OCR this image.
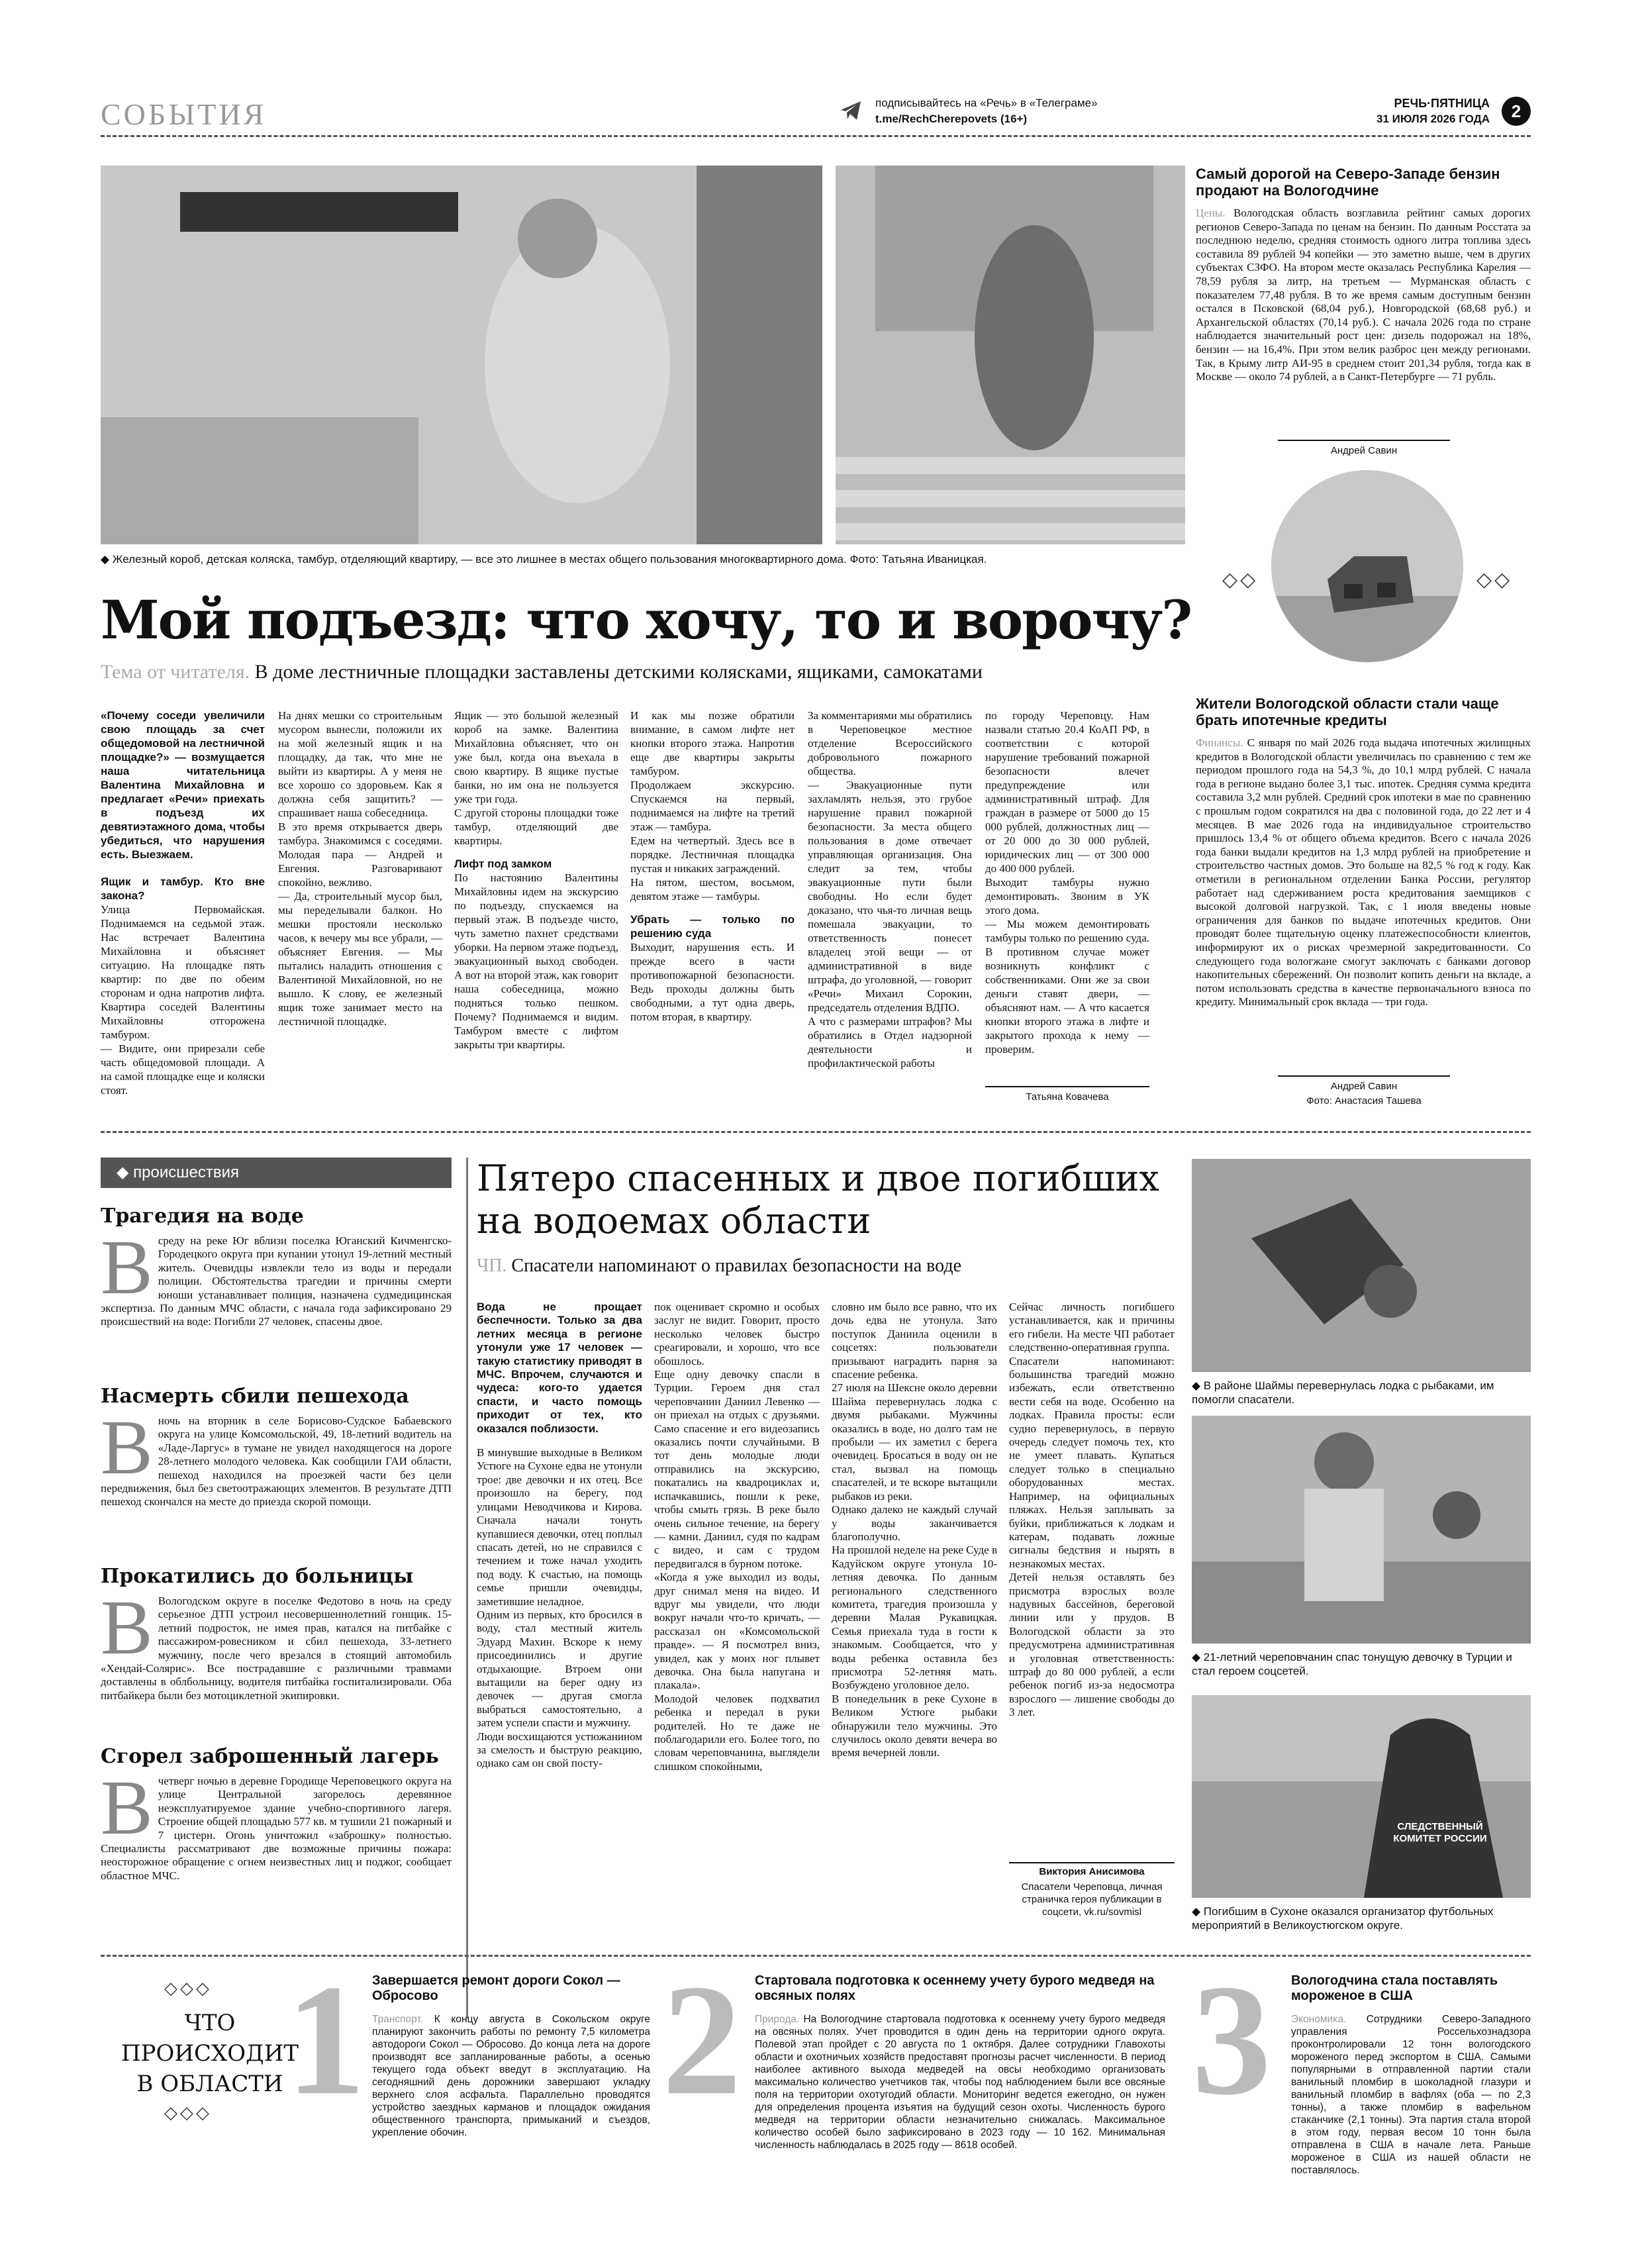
СОБЫТИЯ	подписывайтесь на «Речь» в «Телеграме»
t.me/RechCherepovets (16+)
РЕЧЬ·ПЯТНИЦА
31 ИЮЛЯ 2026 ГОДА	2
◆ Железный короб, детская коляска, тамбур, отделяющий квартиру, — все это лишнее в местах общего пользования многоквартирного дома. Фото: Татьяна Иваницкая.
Мой подъезд: что хочу, то и ворочу?
Тема от читателя. В доме лестничные площадки заставлены детскими колясками, ящиками, самокатами

«Почему соседи увеличили свою площадь за счет общедомовой на лестничной площадке?» — возмущается наша читательница Валентина Михайловна и предлагает «Речи» приехать в подъезд их девятиэтажного дома, чтобы убедиться, что нарушения есть. Выезжаем.

Ящик и тамбур. Кто вне закона?

Улица Первомайская. Поднимаемся на седьмой этаж. Нас встречает Валентина Михайловна и объясняет ситуацию. На площадке пять квартир: по две по обеим сторонам и одна напротив лифта. Квартира соседей Валентины Михайловны отгорожена тамбуром.
— Видите, они прирезали себе часть общедомовой площади. А на самой площадке еще и коляски стоят.

На днях мешки со строительным мусором вынесли, положили их на мой железный ящик и на площадку, да так, что мне не выйти из квартиры. А у меня не все хорошо со здоровьем. Как я должна себя защитить? — спрашивает наша собеседница.
В это время открывается дверь тамбура. Знакомимся с соседями. Молодая пара — Андрей и Евгения. Разговаривают спокойно, вежливо.
— Да, строительный мусор был, мы переделывали балкон. Но мешки простояли несколько часов, к вечеру мы все убрали, — объясняет Евгения. — Мы пытались наладить отношения с Валентиной Михайловной, но не вышло. К слову, ее железный ящик тоже занимает место на лестничной площадке.

Ящик — это большой железный короб на замке. Валентина Михайловна объясняет, что он уже был, когда она въехала в свою квартиру. В ящике пустые банки, но им она не пользуется уже три года.
С другой стороны площадки тоже тамбур, отделяющий две квартиры.

Лифт под замком

По настоянию Валентины Михайловны идем на экскурсию по подъезду, спускаемся на первый этаж. В подъезде чисто, чуть заметно пахнет средствами уборки. На первом этаже подъезд, эвакуационный выход свободен. А вот на второй этаж, как говорит наша собеседница, можно подняться только пешком. Почему? Поднимаемся и видим. Тамбуром вместе с лифтом закрыты три квартиры.

И как мы позже обратили внимание, в самом лифте нет кнопки второго этажа. Напротив еще две квартиры закрыты тамбуром.
Продолжаем экскурсию. Спускаемся на первый, поднимаемся на лифте на третий этаж — тамбура.
Едем на четвертый. Здесь все в порядке. Лестничная площадка пустая и никаких заграждений.
На пятом, шестом, восьмом, девятом этаже — тамбуры.

Убрать — только по решению суда

Выходит, нарушения есть. И прежде всего в части противопожарной безопасности. Ведь проходы должны быть свободными, а тут одна дверь, потом вторая, в квартиру.

За комментариями мы обратились в Череповецкое местное отделение Всероссийского добровольного пожарного общества.
— Эвакуационные пути захламлять нельзя, это грубое нарушение правил пожарной безопасности. За места общего пользования в доме отвечает управляющая организация. Она следит за тем, чтобы эвакуационные пути были свободны. Но если будет доказано, что чья-то личная вещь помешала эвакуации, то ответственность понесет владелец этой вещи — от административной в виде штрафа, до уголовной, — говорит «Речи» Михаил Сорокин, председатель отделения ВДПО.
А что с размерами штрафов? Мы обратились в Отдел надзорной деятельности и профилактической работы

по городу Череповцу. Нам назвали статью 20.4 КоАП РФ, в соответствии с которой нарушение требований пожарной безопасности влечет предупреждение или административный штраф. Для граждан в размере от 5000 до 15 000 рублей, должностных лиц — от 20 000 до 30 000 рублей, юридических лиц — от 300 000 до 400 000 рублей.
Выходит тамбуры нужно демонтировать. Звоним в УК этого дома.
— Мы можем демонтировать тамбуры только по решению суда. В противном случае может возникнуть конфликт с собственниками. Они же за свои деньги ставят двери, — объясняют нам. — А что касается кнопки второго этажа в лифте и закрытого прохода к нему — проверим.

Татьяна Ковачева
Самый дорогой на Северо-Западе бензин продают на Вологодчине
Цены. Вологодская область возглавила рейтинг самых дорогих регионов Северо-Запада по ценам на бензин. По данным Росстата за последнюю неделю, средняя стоимость одного литра топлива здесь составила 89 рублей 94 копейки — это заметно выше, чем в других субъектах СЗФО. На втором месте оказалась Республика Карелия — 78,59 рубля за литр, на третьем — Мурманская область с показателем 77,48 рубля. В то же время самым доступным бензин остался в Псковской (68,04 руб.), Новгородской (68,68 руб.) и Архангельской областях (70,14 руб.). С начала 2026 года по стране наблюдается значительный рост цен: дизель подорожал на 18%, бензин — на 16,4%. При этом велик разброс цен между регионами. Так, в Крыму литр АИ-95 в среднем стоит 201,34 рубля, тогда как в Москве — около 74 рублей, а в Санкт-Петербурге — 71 рубль.
Андрей Савин
◇◇	◇◇
Жители Вологодской области стали чаще брать ипотечные кредиты
Финансы. С января по май 2026 года выдача ипотечных жилищных кредитов в Вологодской области увеличилась по сравнению с тем же периодом прошлого года на 54,3 %, до 10,1 млрд рублей. С начала года в регионе выдано более 3,1 тыс. ипотек. Средняя сумма кредита составила 3,2 млн рублей. Средний срок ипотеки в мае по сравнению с прошлым годом сократился на два с половиной года, до 22 лет и 4 месяцев. В мае 2026 года на индивидуальное строительство пришлось 13,4 % от общего объема кредитов. Всего с начала 2026 года банки выдали кредитов на 1,3 млрд рублей на приобретение и строительство частных домов. Это больше на 82,5 % год к году. Как отметили в региональном отделении Банка России, регулятор работает над сдерживанием роста кредитования заемщиков с высокой долговой нагрузкой. Так, с 1 июля введены новые ограничения для банков по выдаче ипотечных кредитов. Они проводят более тщательную оценку платежеспособности клиентов, информируют их о рисках чрезмерной закредитованности. Со следующего года вологжане смогут заключать с банками договор накопительных сбережений. Он позволит копить деньги на вкладе, а потом использовать средства в качестве первоначального взноса по кредиту. Минимальный срок вклада — три года.
Андрей Савин
Фото: Анастасия Ташева
◆ происшествия
Трагедия на воде
Всреду на реке Юг вблизи поселка Юганский Кичменгско-Городецкого округа при купании утонул 19-летний местный житель. Очевидцы извлекли тело из воды и передали полиции. Обстоятельства трагедии и причины смерти юноши устанавливает полиция, назначена судмедицинская экспертиза. По данным МЧС области, с начала года зафиксировано 29 происшествий на воде: Погибли 27 человек, спасены двое.
Насмерть сбили пешехода
Вночь на вторник в селе Борисово-Судское Бабаевского округа на улице Комсомольской, 49, 18-летний водитель на «Ладе-Ларгус» в тумане не увидел находящегося на дороге 28-летнего молодого человека. Как сообщили ГАИ области, пешеход находился на проезжей части без цели передвижения, был без светоотражающих элементов. В результате ДТП пешеход скончался на месте до приезда скорой помощи.
Прокатились до больницы
В Вологодском округе в поселке Федотово в ночь на среду серьезное ДТП устроил несовершеннолетний гонщик. 15-летний подросток, не имея прав, катался на питбайке с пассажиром-ровесником и сбил пешехода, 33-летнего мужчину, после чего врезался в стоящий автомобиль «Хендай-Солярис». Все пострадавшие с различными травмами доставлены в облбольницу, водителя питбайка госпитализировали. Оба питбайкера были без мотоциклетной экипировки.
Сгорел заброшенный лагерь
Вчетверг ночью в деревне Городище Череповецкого округа на улице Центральной загорелось деревянное неэксплуатируемое здание учебно-спортивного лагеря. Строение общей площадью 577 кв. м тушили 21 пожарный и 7 цистерн. Огонь уничтожил «заброшку» полностью. Специалисты рассматривают две возможные причины пожара: неосторожное обращение с огнем неизвестных лиц и поджог, сообщает областное МЧС.
Пятеро спасенных и двое погибших на водоемах области
ЧП. Спасатели напоминают о правилах безопасности на воде

Вода не прощает беспечности. Только за два летних месяца в регионе утонули уже 17 человек — такую статистику приводят в МЧС. Впрочем, случаются и чудеса: кого-то удается спасти, и часто помощь приходит от тех, кто оказался поблизости.

В минувшие выходные в Великом Устюге на Сухоне едва не утонули трое: две девочки и их отец. Все произошло на берегу, под улицами Неводчикова и Кирова. Сначала начали тонуть купавшиеся девочки, отец поплыл спасать детей, но не справился с течением и тоже начал уходить под воду. К счастью, на помощь семье пришли очевидцы, заметившие неладное.
Одним из первых, кто бросился в воду, стал местный житель Эдуард Махин. Вскоре к нему присоединились и другие отдыхающие. Втроем они вытащили на берег одну из девочек — другая смогла выбраться самостоятельно, а затем успели спасти и мужчину.
Люди восхищаются устюжанином за смелость и быструю реакцию, однако сам он свой посту-

пок оценивает скромно и особых заслуг не видит. Говорит, просто несколько человек быстро среагировали, и хорошо, что все обошлось.
Еще одну девочку спасли в Турции. Героем дня стал череповчанин Даниил Левенко — он приехал на отдых с друзьями. Само спасение и его видеозапись оказались почти случайными. В тот день молодые люди отправились на экскурсию, покатались на квадроциклах и, испачкавшись, пошли к реке, чтобы смыть грязь. В реке было очень сильное течение, на берегу — камни. Даниил, судя по кадрам с видео, и сам с трудом передвигался в бурном потоке.
«Когда я уже выходил из воды, друг снимал меня на видео. И вдруг мы увидели, что люди вокруг начали что-то кричать, — рассказал он «Комсомольской правде». — Я посмотрел вниз, увидел, как у моих ног плывет девочка. Она была напугана и плакала».
Молодой человек подхватил ребенка и передал в руки родителей. Но те даже не поблагодарили его. Более того, по словам череповчанина, выглядели слишком спокойными,

словно им было все равно, что их дочь едва не утонула. Зато поступок Даниила оценили в соцсетях: пользователи призывают наградить парня за спасение ребенка.
27 июля на Шексне около деревни Шайма перевернулась лодка с двумя рыбаками. Мужчины оказались в воде, но долго там не пробыли — их заметил с берега очевидец. Бросаться в воду он не стал, вызвал на помощь спасателей, и те вскоре вытащили рыбаков из реки.
Однако далеко не каждый случай у воды заканчивается благополучно.
На прошлой неделе на реке Суде в Кадуйском округе утонула 10-летняя девочка. По данным регионального следственного комитета, трагедия произошла у деревни Малая Рукавицкая. Семья приехала туда в гости к знакомым. Сообщается, что у воды ребенка оставила без присмотра 52-летняя мать. Возбуждено уголовное дело.
В понедельник в реке Сухоне в Великом Устюге рыбаки обнаружили тело мужчины. Это случилось около девяти вечера во время вечерней ловли.

Сейчас личность погибшего устанавливается, как и причины его гибели. На месте ЧП работает следственно-оперативная группа.
Спасатели напоминают: большинства трагедий можно избежать, если ответственно вести себя на воде. Особенно на лодках. Правила просты: если судно перевернулось, в первую очередь следует помочь тех, кто не умеет плавать. Купаться следует только в специально оборудованных местах. Например, на официальных пляжах. Нельзя заплывать за буйки, приближаться к лодкам и катерам, подавать ложные сигналы бедствия и нырять в незнакомых местах.
Детей нельзя оставлять без присмотра взрослых возле надувных бассейнов, береговой линии или у прудов. В Вологодской области за это предусмотрена административная и уголовная ответственность: штраф до 80 000 рублей, а если ребенок погиб из-за недосмотра взрослого — лишение свободы до 3 лет.

Виктория Анисимова
Спасатели Череповца, личная страничка героя публикации в соцсети, vk.ru/sovmisl
◆ В районе Шаймы перевернулась лодка с рыбаками, им помогли спасатели.
◆ 21-летний череповчанин спас тонущую девочку в Турции и стал героем соцсетей.
СЛЕДСТВЕННЫЙ КОМИТЕТ РОССИИ
◆ Погибшим в Сухоне оказался организатор футбольных мероприятий в Великоустюгском округе.
◇◇◇
ЧТО
ПРОИСХОДИТ
В ОБЛАСТИ
◇◇◇ 1 Завершается ремонт дороги Сокол — Обросово
Транспорт. К концу августа в Сокольском округе планируют закончить работы по ремонту 7,5 километра автодороги Сокол — Обросово. До конца лета на дороге производят все запланированные работы, а осенью текущего года объект введут в эксплуатацию. На сегодняшний день дорожники завершают укладку верхнего слоя асфальта. Параллельно проводятся устройство заездных карманов и площадок ожидания общественного транспорта, примыканий и съездов, укрепление обочин.
2 Стартовала подготовка к осеннему учету бурого медведя на овсяных полях
Природа. На Вологодчине стартовала подготовка к осеннему учету бурого медведя на овсяных полях. Учет проводится в один день на территории одного округа. Полевой этап пройдет с 20 августа по 1 октября. Далее сотрудники Главохоты области и охотничьих хозяйств предоставят прогнозы расчет численности. В период наиболее активного выхода медведей на овсы необходимо организовать максимально количество учетчиков так, чтобы под наблюдением были все овсяные поля на территории охотугодий области. Мониторинг ведется ежегодно, он нужен для определения процента изъятия на будущий сезон охоты. Численность бурого медведя на территории области незначительно снижалась. Максимальное количество особей было зафиксировано в 2023 году — 10 162. Минимальная численность наблюдалась в 2025 году — 8618 особей.
3 Вологодчина стала поставлять мороженое в США
Экономика. Сотрудники Северо-Западного управления Россельхознадзора проконтролировали 12 тонн вологодского мороженого перед экспортом в США. Самыми популярными в отправленной партии стали ванильный пломбир в шоколадной глазури и ванильный пломбир в вафлях (оба — по 2,3 тонны), а также пломбир в вафельном стаканчике (2,1 тонны). Эта партия стала второй в этом году, первая весом 10 тонн была отправлена в США в начале лета. Раньше мороженое в США из нашей области не поставлялось.
